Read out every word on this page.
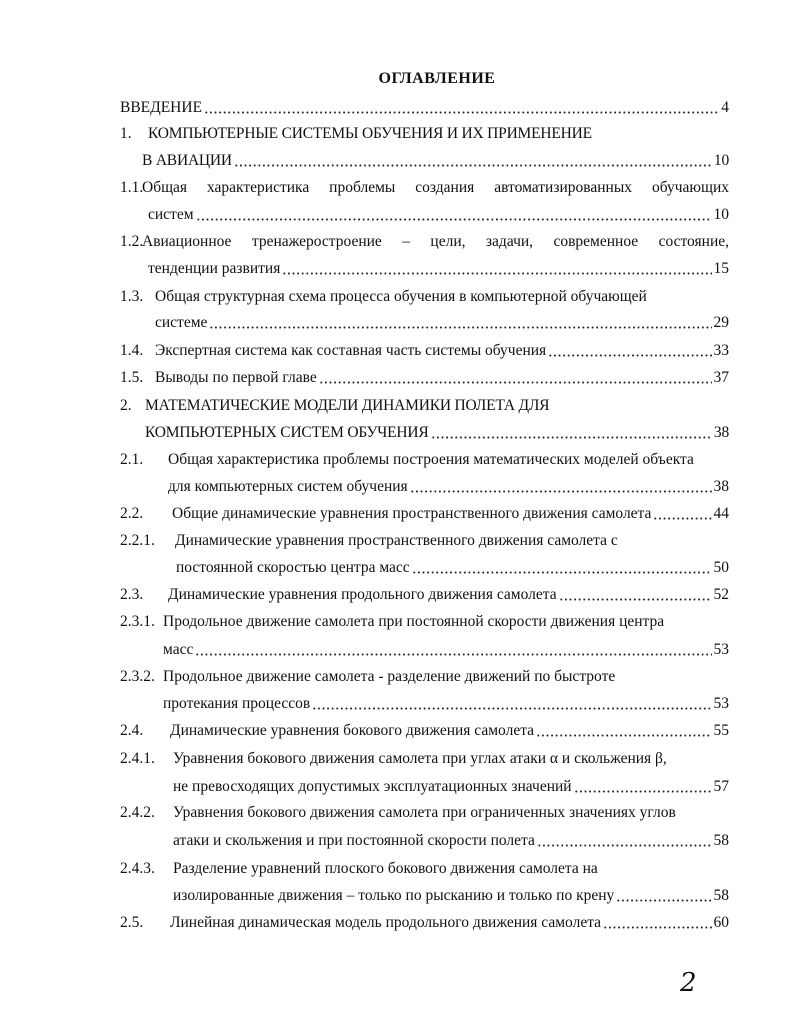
ОГЛАВЛЕНИЕ
ВВЕДЕНИЕ	4
1. КОМПЬЮТЕРНЫЕ СИСТЕМЫ ОБУЧЕНИЯ И ИХ ПРИМЕНЕНИЕ
В АВИАЦИИ	10
1.1.
Общая характеристика проблемы создания автоматизированных обучающих
систем	10
1.2.
Авиационное тренажеростроение – цели, задачи, современное состояние,
тенденции развития	15
1.3. Общая структурная схема процесса обучения в компьютерной обучающей
системе	29
1.4. Экспертная система как составная часть системы обучения	33
1.5. Выводы по первой главе	37
2. МАТЕМАТИЧЕСКИЕ МОДЕЛИ ДИНАМИКИ ПОЛЕТА ДЛЯ
КОМПЬЮТЕРНЫХ СИСТЕМ ОБУЧЕНИЯ	38
2.1. Общая характеристика проблемы построения математических моделей объекта
для компьютерных систем обучения	38
2.2. Общие динамические уравнения пространственного движения самолета	44
2.2.1. Динамические уравнения пространственного движения самолета с
постоянной скоростью центра масс	50
2.3. Динамические уравнения продольного движения самолета	52
2.3.1. Продольное движение самолета при постоянной скорости движения центра
масс	53
2.3.2. Продольное движение самолета - разделение движений по быстроте
протекания процессов	53
2.4. Динамические уравнения бокового движения самолета	55
2.4.1. Уравнения бокового движения самолета при углах атаки α и скольжения β,
не превосходящих допустимых эксплуатационных значений	57
2.4.2. Уравнения бокового движения самолета при ограниченных значениях углов
атаки и скольжения и при постоянной скорости полета	58
2.4.3. Разделение уравнений плоского бокового движения самолета на
изолированные движения – только по рысканию и только по крену	58
2.5. Линейная динамическая модель продольного движения самолета	60
2
